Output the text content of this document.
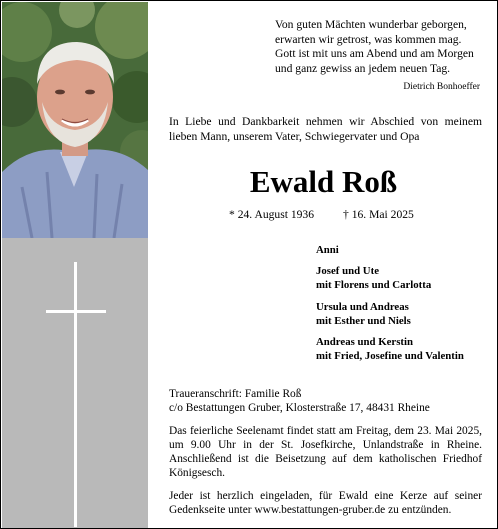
Von guten Mächten wunderbar geborgen,
erwarten wir getrost, was kommen mag.
Gott ist mit uns am Abend und am Morgen
und ganz gewiss an jedem neuen Tag.
Dietrich Bonhoeffer
In Liebe und Dankbarkeit nehmen wir Abschied von meinem lieben Mann, unserem Vater, Schwiegervater und Opa
Ewald Roß
* 24. August 1936 † 16. Mai 2025
Anni
Josef und Ute
mit Florens und Carlotta
Ursula und Andreas
mit Esther und Niels
Andreas und Kerstin
mit Fried, Josefine und Valentin

Traueranschrift: Familie Roß
c/o Bestattungen Gruber, Klosterstraße 17, 48431 Rheine

Das feierliche Seelenamt findet statt am Freitag, dem 23. Mai 2025, um 9.00 Uhr in der St. Josefkirche, Unlandstraße in Rheine. Anschließend ist die Beisetzung auf dem katholischen Friedhof Königsesch.

Jeder ist herzlich eingeladen, für Ewald eine Kerze auf seiner Gedenkseite unter www.bestattungen-gruber.de zu entzünden.
